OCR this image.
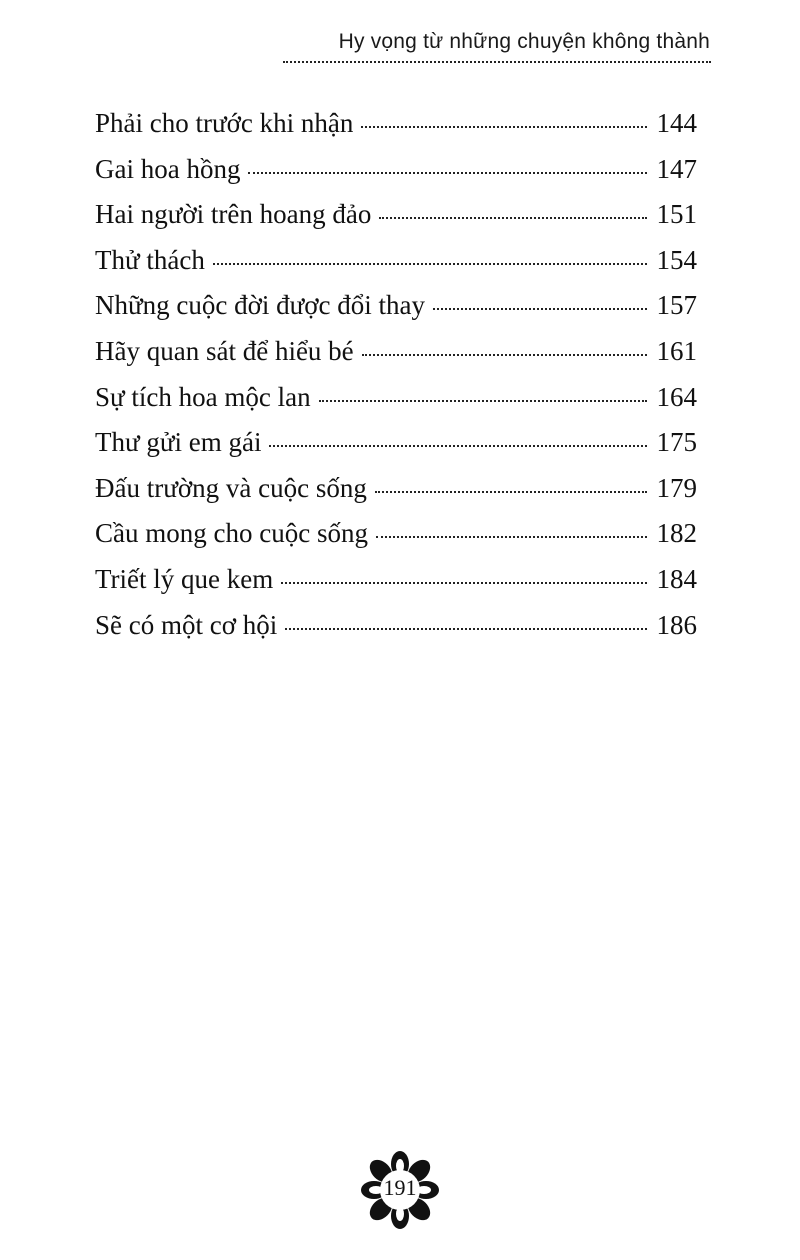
Hy vọng từ những chuyện không thành
Phải cho trước khi nhận	144
Gai hoa hồng	147
Hai người trên hoang đảo	151
Thử thách	154
Những cuộc đời được đổi thay	157
Hãy quan sát để hiểu bé	161
Sự tích hoa mộc lan	164
Thư gửi em gái	175
Đấu trường và cuộc sống	179
Cầu mong cho cuộc sống	182
Triết lý que kem	184
Sẽ có một cơ hội	186
191
